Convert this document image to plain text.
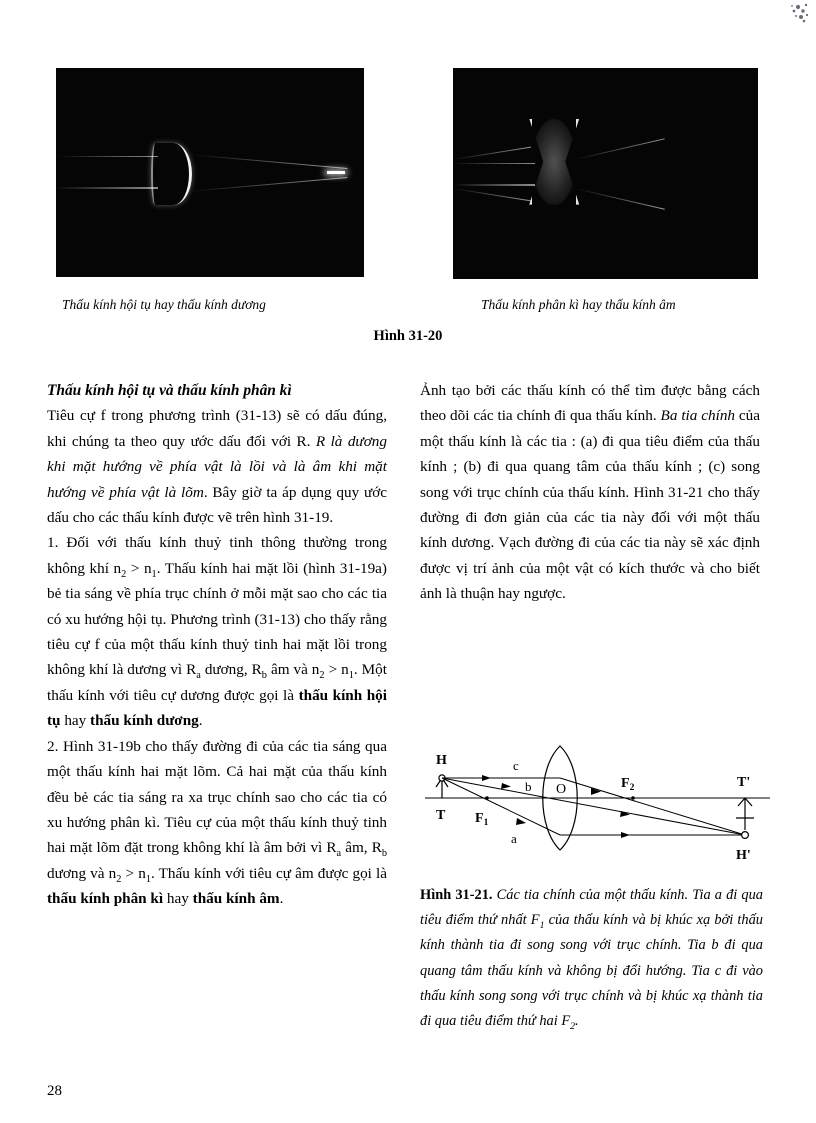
Thấu kính hội tụ hay thấu kính dương	Thấu kính phân kì hay thấu kính âm
Hình 31-20
Thấu kính hội tụ và thấu kính phân kì

Tiêu cự f trong phương trình (31-13) sẽ có dấu đúng, khi chúng ta theo quy ước dấu đối với R. R là dương khi mặt hướng về phía vật là lồi và là âm khi mặt hướng về phía vật là lõm. Bây giờ ta áp dụng quy ước dấu cho các thấu kính được vẽ trên hình 31-19.

1. Đối với thấu kính thuỷ tinh thông thường trong không khí $n_2 > n_1$. Thấu kính hai mặt lồi (hình 31-19a) bẻ tia sáng về phía trục chính ở mỗi mặt sao cho các tia có xu hướng hội tụ. Phương trình (31-13) cho thấy rằng tiêu cự f của một thấu kính thuỷ tinh hai mặt lồi trong không khí là dương vì $R_a$ dương, $R_b$ âm và $n_2 > n_1$. Một thấu kính với tiêu cự dương được gọi là thấu kính hội tụ hay thấu kính dương.

2. Hình 31-19b cho thấy đường đi của các tia sáng qua một thấu kính hai mặt lõm. Cả hai mặt của thấu kính đều bẻ các tia sáng ra xa trục chính sao cho các tia có xu hướng phân kì. Tiêu cự của một thấu kính thuỷ tinh hai mặt lõm đặt trong không khí là âm bởi vì $R_a$ âm, $R_b$ dương và $n_2 > n_1$. Thấu kính với tiêu cự âm được gọi là thấu kính phân kì hay thấu kính âm.

Ảnh tạo bởi các thấu kính có thể tìm được bằng cách theo dõi các tia chính đi qua thấu kính. Ba tia chính của một thấu kính là các tia : (a) đi qua tiêu điểm của thấu kính ; (b) đi qua quang tâm của thấu kính ; (c) song song với trục chính của thấu kính. Hình 31-21 cho thấy đường đi đơn giản của các tia này đối với một thấu kính dương. Vạch đường đi của các tia này sẽ xác định được vị trí ảnh của một vật có kích thước và cho biết ảnh là thuận hay ngược.

H
T $F_1$
$F_2$
O
c
b
a
T'
H'
Hình 31-21. Các tia chính của một thấu kính. Tia a đi qua tiêu điểm thứ nhất $F_1$ của thấu kính và bị khúc xạ bởi thấu kính thành tia đi song song với trục chính. Tia b đi qua quang tâm thấu kính và không bị đổi hướng. Tia c đi vào thấu kính song song với trục chính và bị khúc xạ thành tia đi qua tiêu điểm thứ hai $F_2$.
28
